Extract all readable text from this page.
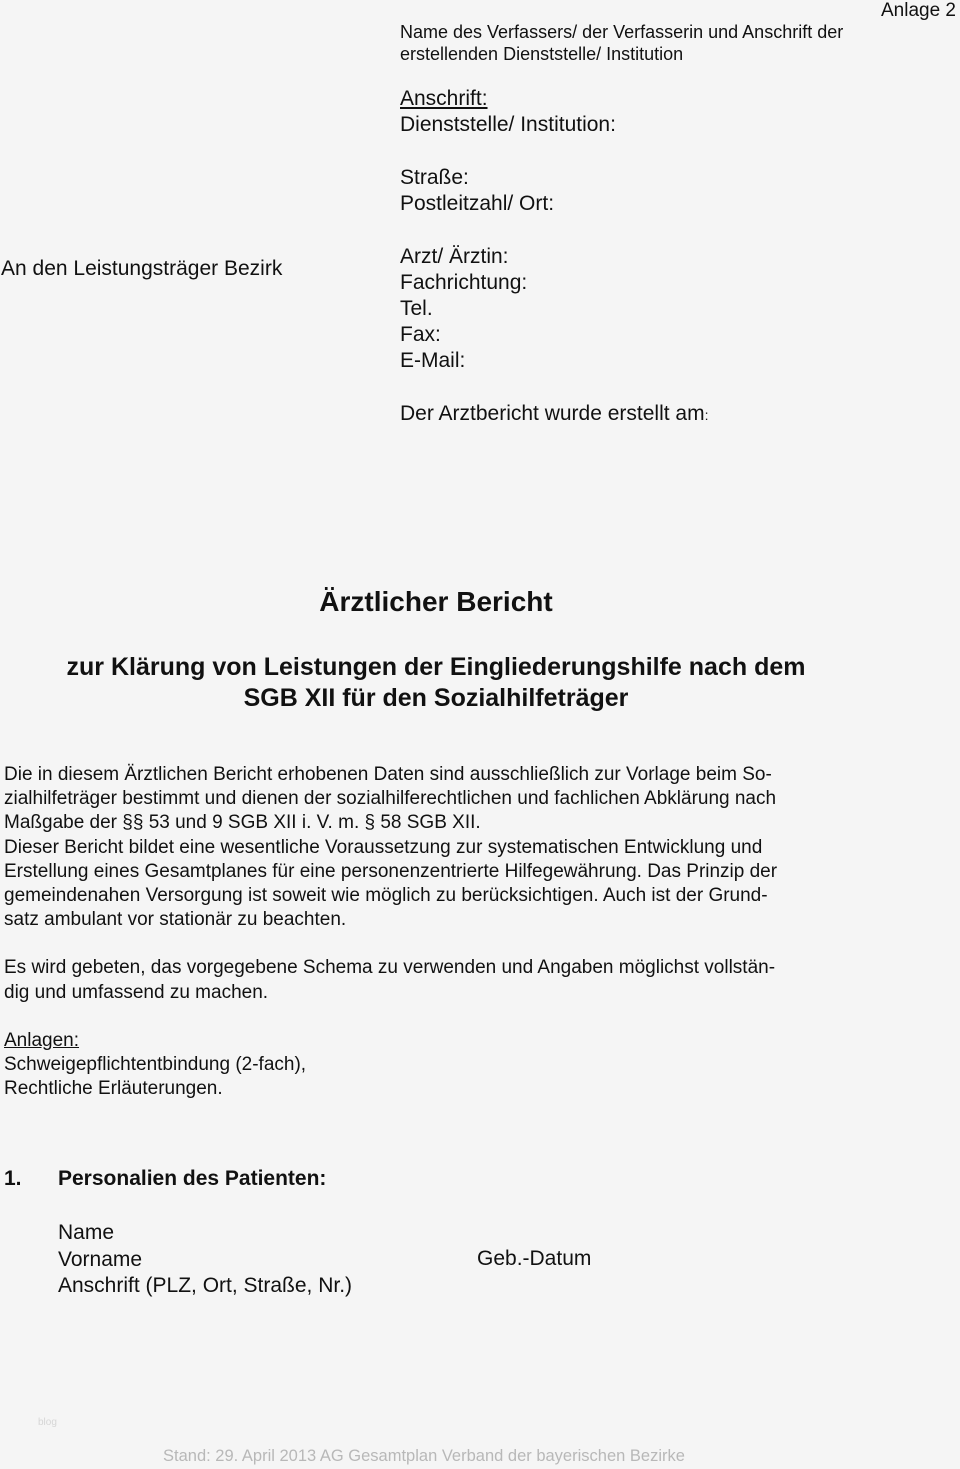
Anlage 2
Name des Verfassers/ der Verfasserin und Anschrift der
erstellenden Dienststelle/ Institution
Anschrift:
Dienststelle/ Institution:
Straße:
Postleitzahl/ Ort:
Arzt/ Ärztin:
Fachrichtung:
Tel.
Fax:
E-Mail:
An den Leistungsträger Bezirk
Der Arztbericht wurde erstellt am:
Ärztlicher Bericht
zur Klärung von Leistungen der Eingliederungshilfe nach dem
SGB XII für den Sozialhilfeträger
Die in diesem Ärztlichen Bericht erhobenen Daten sind ausschließlich zur Vorlage beim So-
zialhilfeträger bestimmt und dienen der sozialhilferechtlichen und fachlichen Abklärung nach
Maßgabe der §§ 53 und 9 SGB XII i. V. m. § 58 SGB XII.
Dieser Bericht bildet eine wesentliche Voraussetzung zur systematischen Entwicklung und
Erstellung eines Gesamtplanes für eine personenzentrierte Hilfegewährung. Das Prinzip der
gemeindenahen Versorgung ist soweit wie möglich zu berücksichtigen. Auch ist der Grund-
satz ambulant vor stationär zu beachten.
Es wird gebeten, das vorgegebene Schema zu verwenden und Angaben möglichst vollstän-
dig und umfassend zu machen.
Anlagen:
Schweigepflichtentbindung (2-fach),
Rechtliche Erläuterungen.
1. Personalien des Patienten:
Name
Vorname
Anschrift (PLZ, Ort, Straße, Nr.)
Geb.-Datum
blog
Stand: 29. April 2013 AG Gesamtplan Verband der bayerischen Bezirke
